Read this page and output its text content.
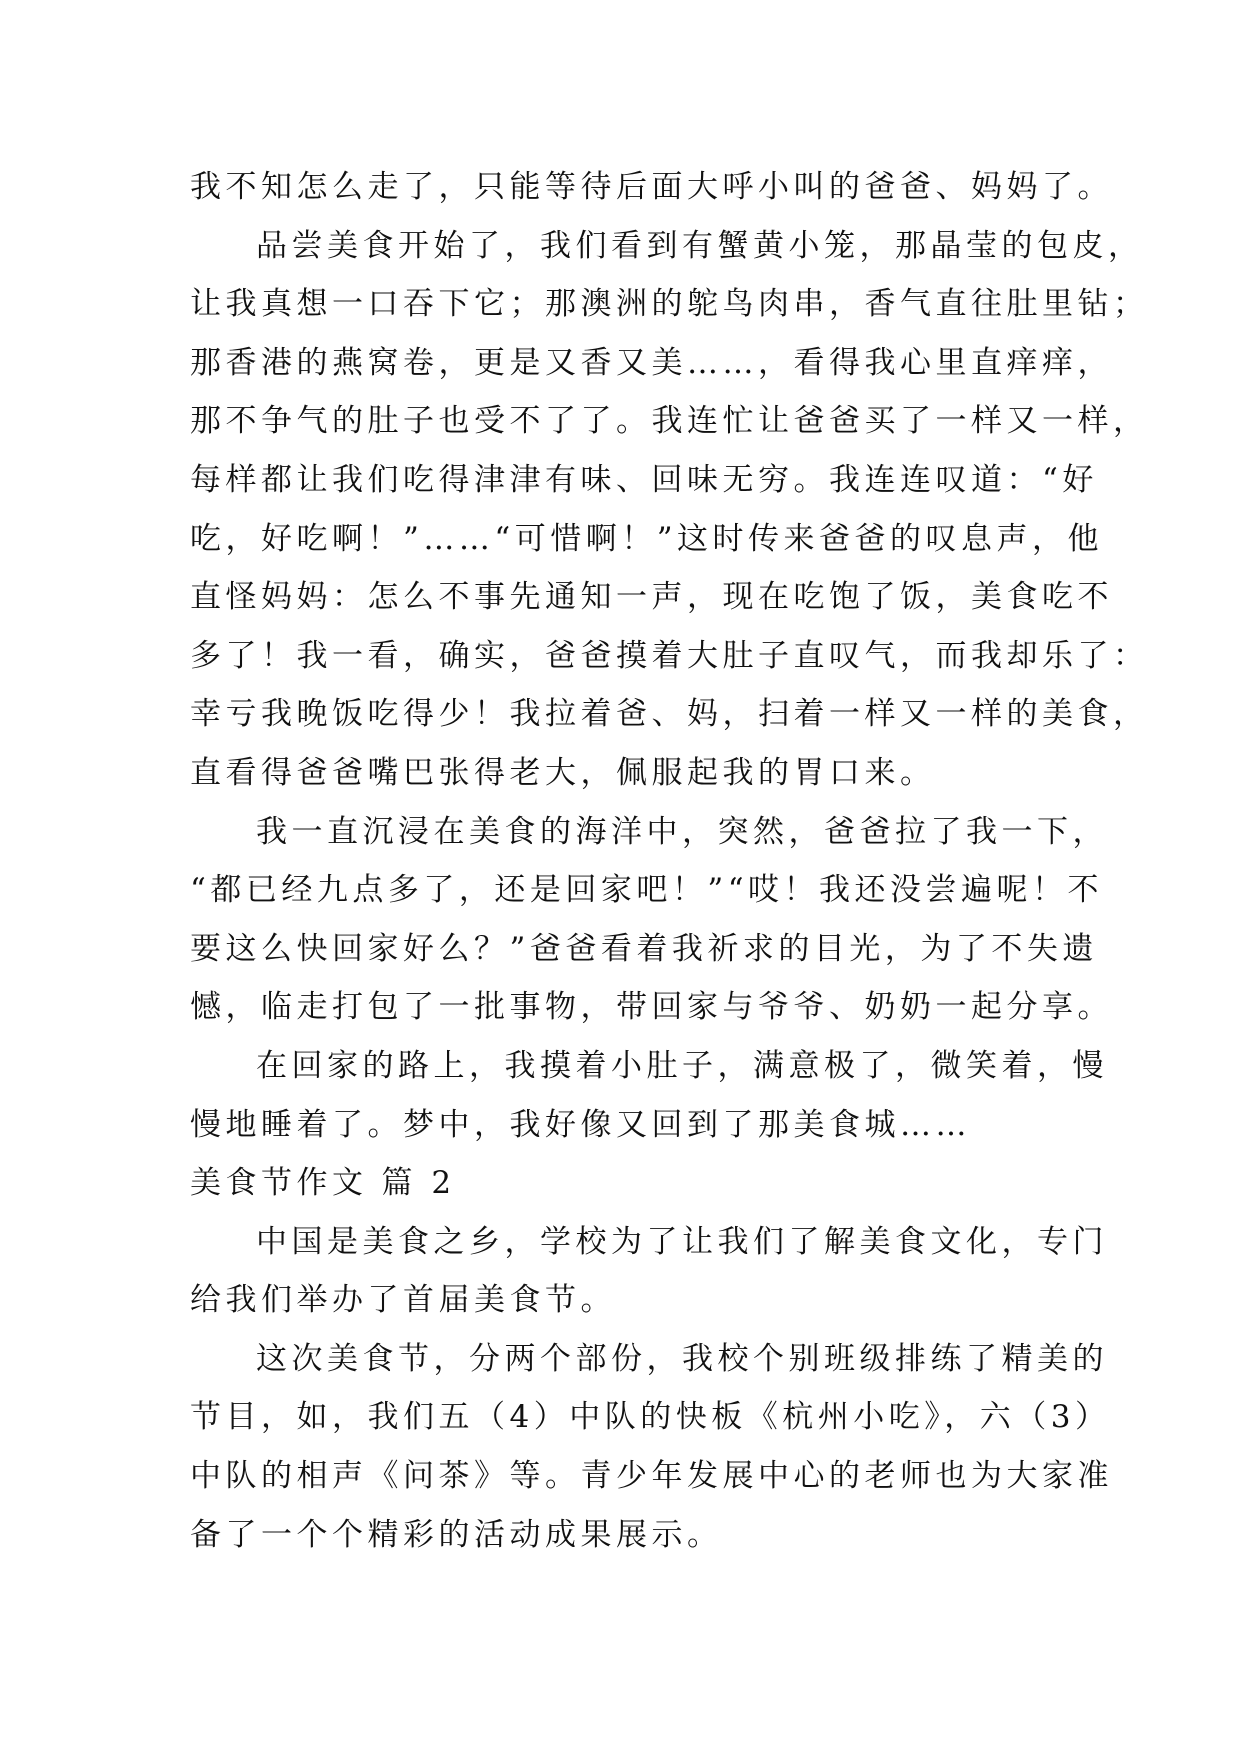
我不知怎么走了，只能等待后面大呼小叫的爸爸、妈妈了。
品尝美食开始了，我们看到有蟹黄小笼，那晶莹的包皮，
让我真想一口吞下它；那澳洲的鸵鸟肉串，香气直往肚里钻；
那香港的燕窝卷，更是又香又美……，看得我心里直痒痒，
那不争气的肚子也受不了了。我连忙让爸爸买了一样又一样，
每样都让我们吃得津津有味、回味无穷。我连连叹道：“好
吃，好吃啊！”……“可惜啊！”这时传来爸爸的叹息声，他
直怪妈妈：怎么不事先通知一声，现在吃饱了饭，美食吃不
多了！我一看，确实，爸爸摸着大肚子直叹气，而我却乐了：
幸亏我晚饭吃得少！我拉着爸、妈，扫着一样又一样的美食，
直看得爸爸嘴巴张得老大，佩服起我的胃口来。
我一直沉浸在美食的海洋中，突然，爸爸拉了我一下，
“都已经九点多了，还是回家吧！”“哎！我还没尝遍呢！不
要这么快回家好么？”爸爸看着我祈求的目光，为了不失遗
憾，临走打包了一批事物，带回家与爷爷、奶奶一起分享。
在回家的路上，我摸着小肚子，满意极了，微笑着，慢
慢地睡着了。梦中，我好像又回到了那美食城……
美食节作文 篇 2
中国是美食之乡，学校为了让我们了解美食文化，专门
给我们举办了首届美食节。
这次美食节，分两个部份，我校个别班级排练了精美的
节目，如，我们五（4）中队的快板《杭州小吃》，六（3）
中队的相声《问茶》等。青少年发展中心的老师也为大家准
备了一个个精彩的活动成果展示。
